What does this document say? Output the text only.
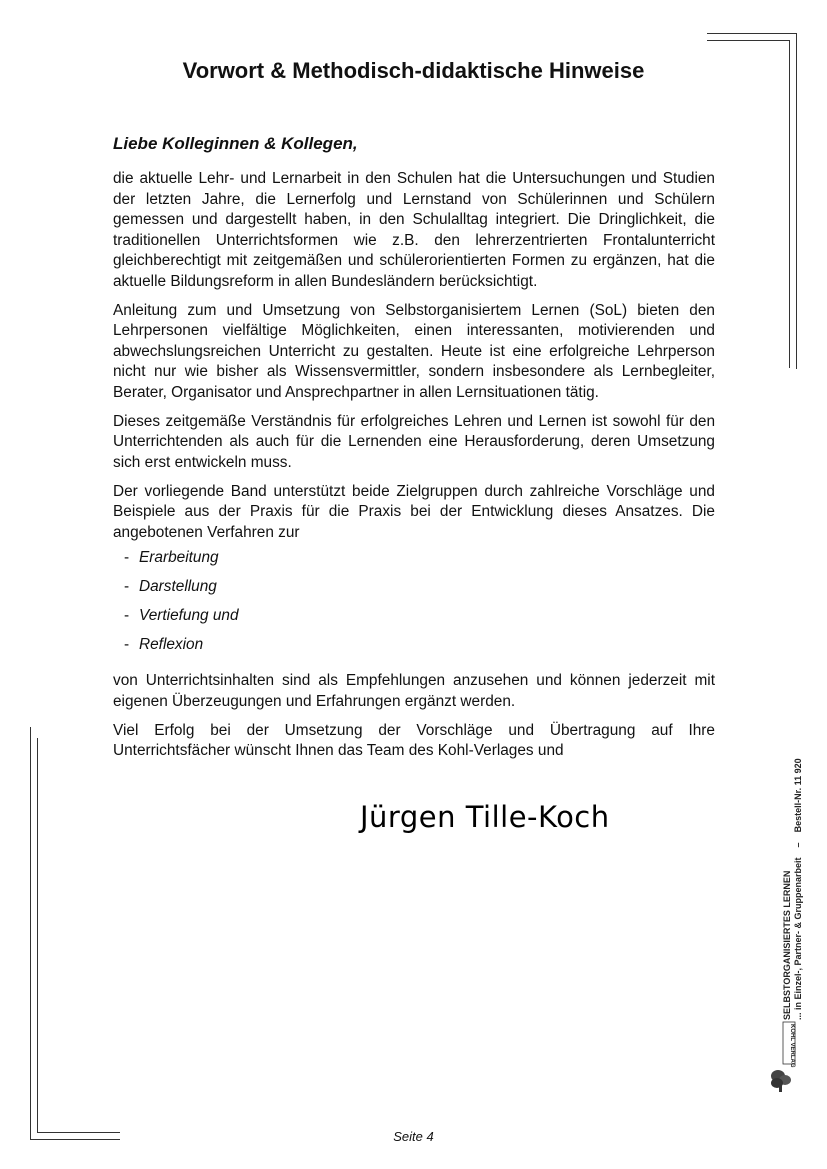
Vorwort & Methodisch-didaktische Hinweise
Liebe Kolleginnen & Kollegen,

die aktuelle Lehr- und Lernarbeit in den Schulen hat die Untersuchungen und Studien der letzten Jahre, die Lernerfolg und Lernstand von Schülerinnen und Schülern gemessen und dargestellt haben, in den Schulalltag integriert. Die Dringlichkeit, die traditionellen Unterrichtsformen wie z.B. den lehrerzentrierten Frontalunterricht gleichberechtigt mit zeitgemäßen und schülerorientierten Formen zu ergänzen, hat die aktuelle Bildungsreform in allen Bundesländern berücksichtigt.

Anleitung zum und Umsetzung von Selbstorganisiertem Lernen (SoL) bieten den Lehrpersonen vielfältige Möglichkeiten, einen interessanten, motivierenden und abwechslungsreichen Unterricht zu gestalten. Heute ist eine erfolgreiche Lehrperson nicht nur wie bisher als Wissensvermittler, sondern insbesondere als Lernbegleiter, Berater, Organisator und Ansprechpartner in allen Lernsituationen tätig.

Dieses zeitgemäße Verständnis für erfolgreiches Lehren und Lernen ist sowohl für den Unterrichtenden als auch für die Lernenden eine Herausforderung, deren Umsetzung sich erst entwickeln muss.

Der vorliegende Band unterstützt beide Zielgruppen durch zahlreiche Vorschläge und Beispiele aus der Praxis für die Praxis bei der Entwicklung dieses Ansatzes. Die angebotenen Verfahren zur

- Erarbeitung
- Darstellung
- Vertiefung und
- Reflexion

von Unterrichtsinhalten sind als Empfehlungen anzusehen und können jederzeit mit eigenen Überzeugungen und Erfahrungen ergänzt werden.

Viel Erfolg bei der Umsetzung der Vorschläge und Übertragung auf Ihre Unterrichtsfächer wünscht Ihnen das Team des Kohl-Verlages und

Jürgen Tille-Koch
SELBSTORGANISIERTES LERNEN ... in Einzel-, Partner- & Gruppenarbeit    –    Bestell-Nr. 11 920
KOHL VERLAG
Seite 4
